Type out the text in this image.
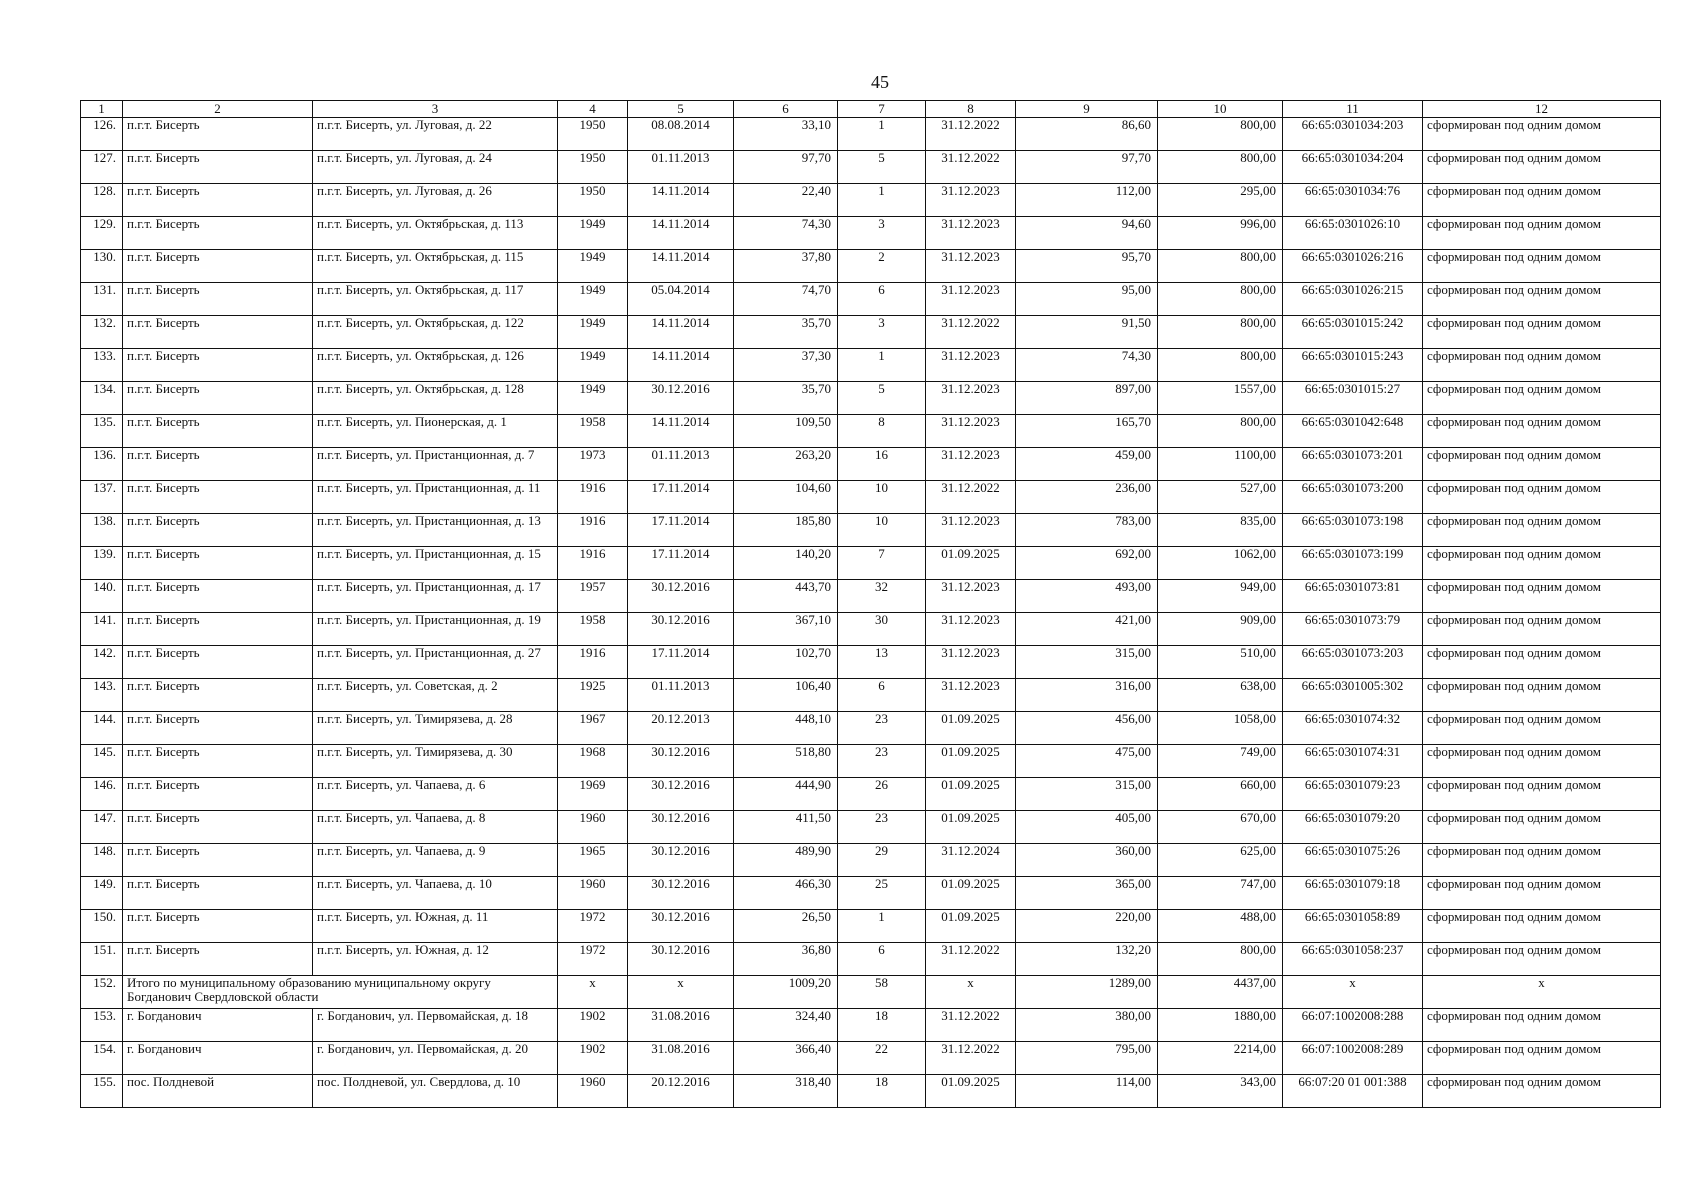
45
1	2	3	4	5	6	7	8	9	10	11	12
126.	п.г.т. Бисерть	п.г.т. Бисерть, ул. Луговая, д. 22	1950	08.08.2014	33,10	1	31.12.2022	86,60	800,00	66:65:0301034:203	сформирован под одним домом
127.	п.г.т. Бисерть	п.г.т. Бисерть, ул. Луговая, д. 24	1950	01.11.2013	97,70	5	31.12.2022	97,70	800,00	66:65:0301034:204	сформирован под одним домом
128.	п.г.т. Бисерть	п.г.т. Бисерть, ул. Луговая, д. 26	1950	14.11.2014	22,40	1	31.12.2023	112,00	295,00	66:65:0301034:76	сформирован под одним домом
129.	п.г.т. Бисерть	п.г.т. Бисерть, ул. Октябрьская, д. 113	1949	14.11.2014	74,30	3	31.12.2023	94,60	996,00	66:65:0301026:10	сформирован под одним домом
130.	п.г.т. Бисерть	п.г.т. Бисерть, ул. Октябрьская, д. 115	1949	14.11.2014	37,80	2	31.12.2023	95,70	800,00	66:65:0301026:216	сформирован под одним домом
131.	п.г.т. Бисерть	п.г.т. Бисерть, ул. Октябрьская, д. 117	1949	05.04.2014	74,70	6	31.12.2023	95,00	800,00	66:65:0301026:215	сформирован под одним домом
132.	п.г.т. Бисерть	п.г.т. Бисерть, ул. Октябрьская, д. 122	1949	14.11.2014	35,70	3	31.12.2022	91,50	800,00	66:65:0301015:242	сформирован под одним домом
133.	п.г.т. Бисерть	п.г.т. Бисерть, ул. Октябрьская, д. 126	1949	14.11.2014	37,30	1	31.12.2023	74,30	800,00	66:65:0301015:243	сформирован под одним домом
134.	п.г.т. Бисерть	п.г.т. Бисерть, ул. Октябрьская, д. 128	1949	30.12.2016	35,70	5	31.12.2023	897,00	1557,00	66:65:0301015:27	сформирован под одним домом
135.	п.г.т. Бисерть	п.г.т. Бисерть, ул. Пионерская, д. 1	1958	14.11.2014	109,50	8	31.12.2023	165,70	800,00	66:65:0301042:648	сформирован под одним домом
136.	п.г.т. Бисерть	п.г.т. Бисерть, ул. Пристанционная, д. 7	1973	01.11.2013	263,20	16	31.12.2023	459,00	1100,00	66:65:0301073:201	сформирован под одним домом
137.	п.г.т. Бисерть	п.г.т. Бисерть, ул. Пристанционная, д. 11	1916	17.11.2014	104,60	10	31.12.2022	236,00	527,00	66:65:0301073:200	сформирован под одним домом
138.	п.г.т. Бисерть	п.г.т. Бисерть, ул. Пристанционная, д. 13	1916	17.11.2014	185,80	10	31.12.2023	783,00	835,00	66:65:0301073:198	сформирован под одним домом
139.	п.г.т. Бисерть	п.г.т. Бисерть, ул. Пристанционная, д. 15	1916	17.11.2014	140,20	7	01.09.2025	692,00	1062,00	66:65:0301073:199	сформирован под одним домом
140.	п.г.т. Бисерть	п.г.т. Бисерть, ул. Пристанционная, д. 17	1957	30.12.2016	443,70	32	31.12.2023	493,00	949,00	66:65:0301073:81	сформирован под одним домом
141.	п.г.т. Бисерть	п.г.т. Бисерть, ул. Пристанционная, д. 19	1958	30.12.2016	367,10	30	31.12.2023	421,00	909,00	66:65:0301073:79	сформирован под одним домом
142.	п.г.т. Бисерть	п.г.т. Бисерть, ул. Пристанционная, д. 27	1916	17.11.2014	102,70	13	31.12.2023	315,00	510,00	66:65:0301073:203	сформирован под одним домом
143.	п.г.т. Бисерть	п.г.т. Бисерть, ул. Советская, д. 2	1925	01.11.2013	106,40	6	31.12.2023	316,00	638,00	66:65:0301005:302	сформирован под одним домом
144.	п.г.т. Бисерть	п.г.т. Бисерть, ул. Тимирязева, д. 28	1967	20.12.2013	448,10	23	01.09.2025	456,00	1058,00	66:65:0301074:32	сформирован под одним домом
145.	п.г.т. Бисерть	п.г.т. Бисерть, ул. Тимирязева, д. 30	1968	30.12.2016	518,80	23	01.09.2025	475,00	749,00	66:65:0301074:31	сформирован под одним домом
146.	п.г.т. Бисерть	п.г.т. Бисерть, ул. Чапаева, д. 6	1969	30.12.2016	444,90	26	01.09.2025	315,00	660,00	66:65:0301079:23	сформирован под одним домом
147.	п.г.т. Бисерть	п.г.т. Бисерть, ул. Чапаева, д. 8	1960	30.12.2016	411,50	23	01.09.2025	405,00	670,00	66:65:0301079:20	сформирован под одним домом
148.	п.г.т. Бисерть	п.г.т. Бисерть, ул. Чапаева, д. 9	1965	30.12.2016	489,90	29	31.12.2024	360,00	625,00	66:65:0301075:26	сформирован под одним домом
149.	п.г.т. Бисерть	п.г.т. Бисерть, ул. Чапаева, д. 10	1960	30.12.2016	466,30	25	01.09.2025	365,00	747,00	66:65:0301079:18	сформирован под одним домом
150.	п.г.т. Бисерть	п.г.т. Бисерть, ул. Южная, д. 11	1972	30.12.2016	26,50	1	01.09.2025	220,00	488,00	66:65:0301058:89	сформирован под одним домом
151.	п.г.т. Бисерть	п.г.т. Бисерть, ул. Южная, д. 12	1972	30.12.2016	36,80	6	31.12.2022	132,20	800,00	66:65:0301058:237	сформирован под одним домом
152.	Итого по муниципальному образованию муниципальному округу Богданович Свердловской области		x	x	1009,20	58	x	1289,00	4437,00	x	x
153.	г. Богданович	г. Богданович, ул. Первомайская, д. 18	1902	31.08.2016	324,40	18	31.12.2022	380,00	1880,00	66:07:1002008:288	сформирован под одним домом
154.	г. Богданович	г. Богданович, ул. Первомайская, д. 20	1902	31.08.2016	366,40	22	31.12.2022	795,00	2214,00	66:07:1002008:289	сформирован под одним домом
155.	пос. Полдневой	пос. Полдневой, ул. Свердлова, д. 10	1960	20.12.2016	318,40	18	01.09.2025	114,00	343,00	66:07:20 01 001:388	сформирован под одним домом
